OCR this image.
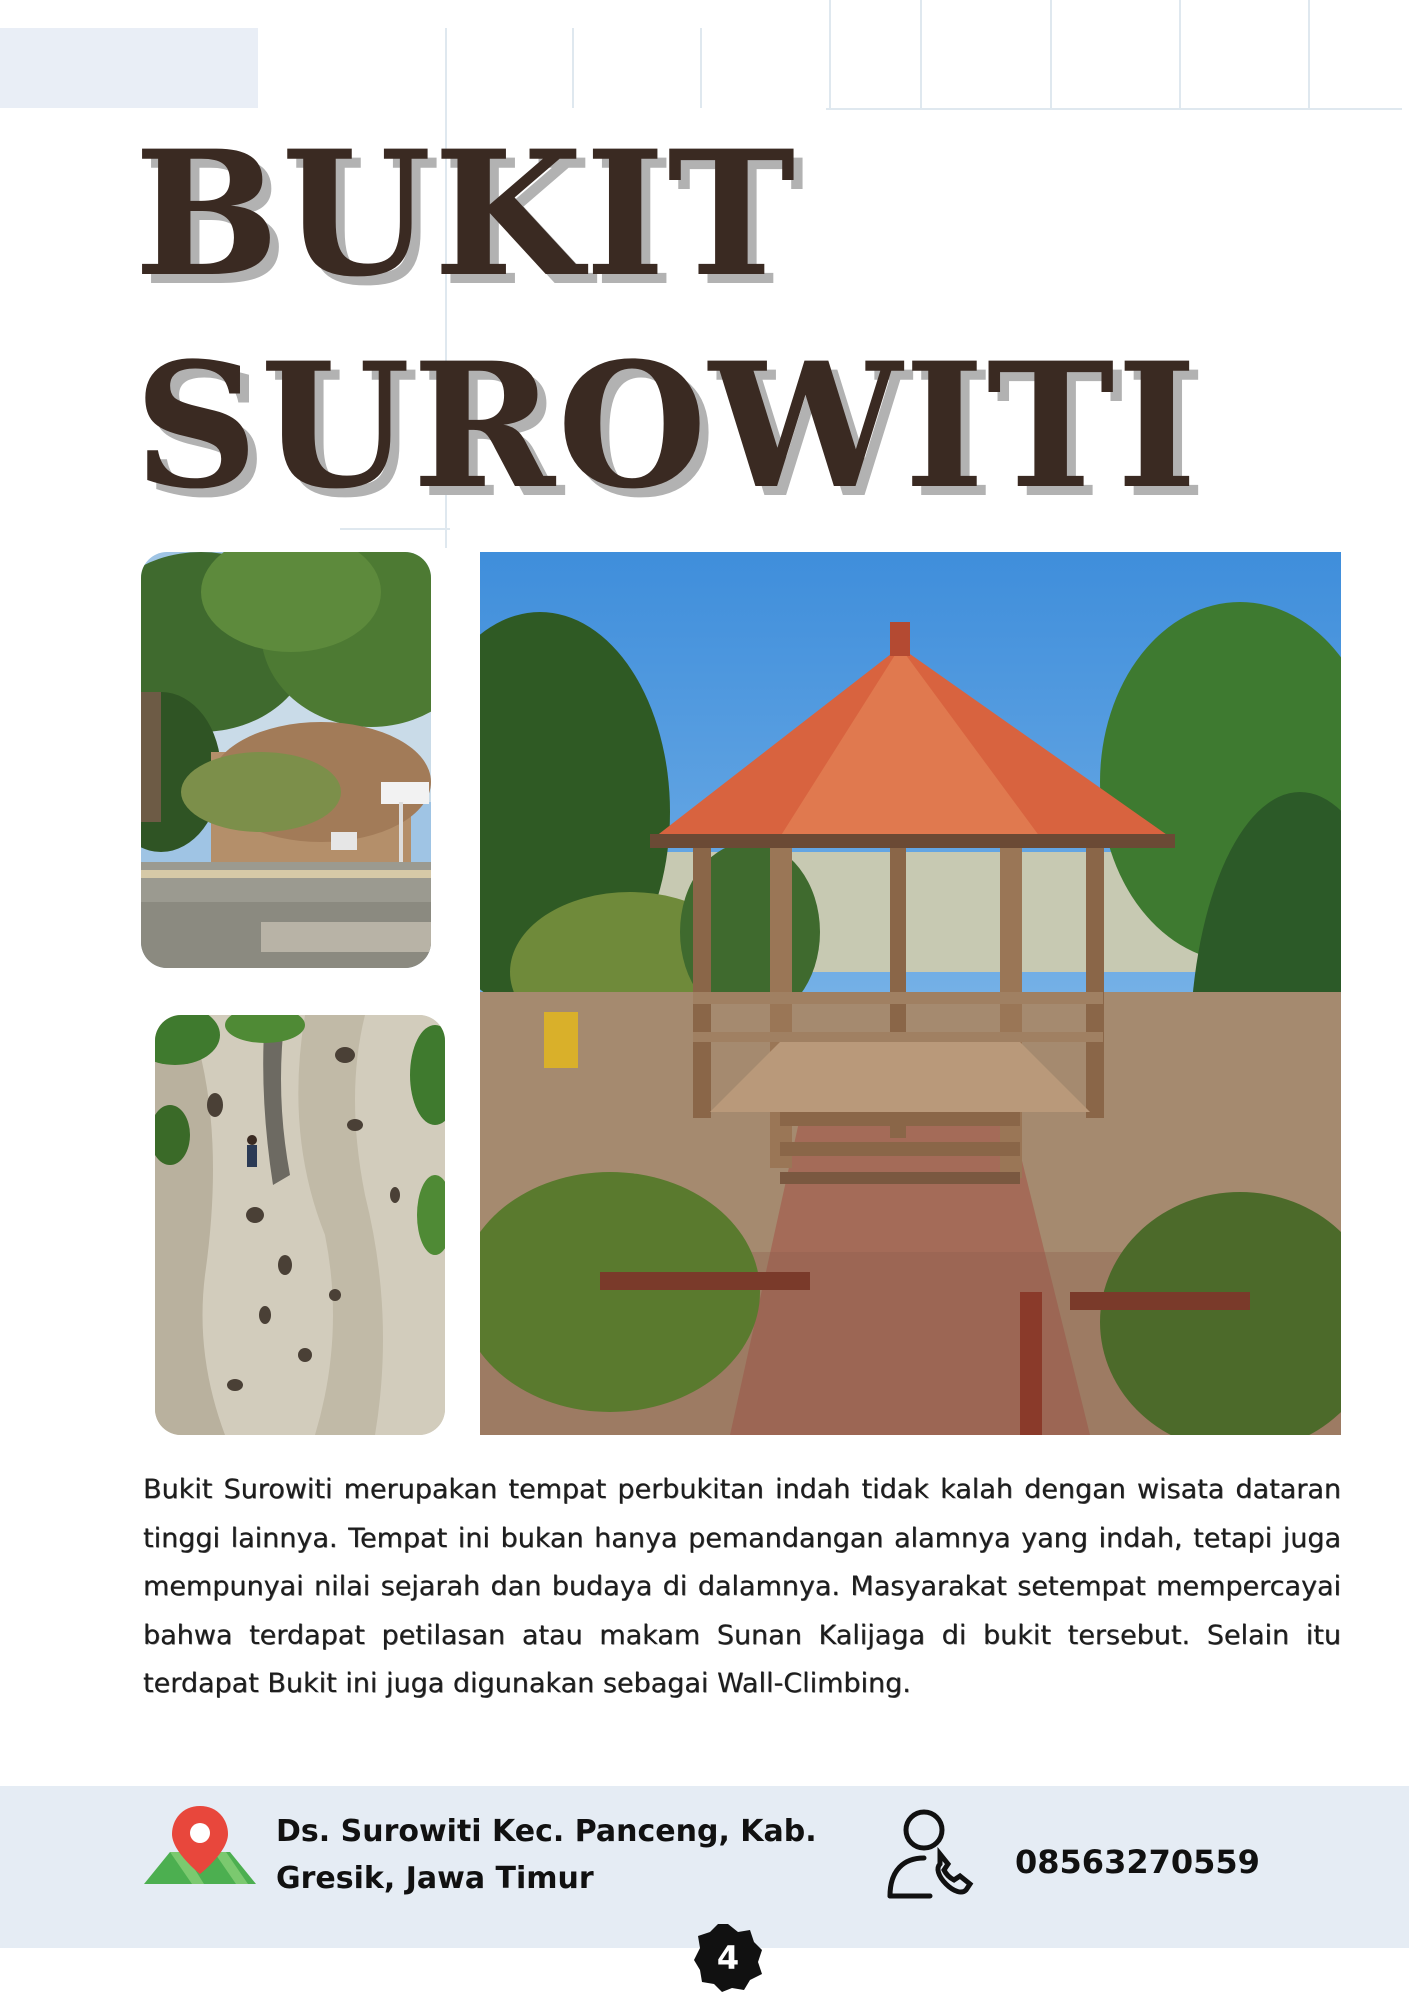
BUKIT
SUROWITI

Bukit Surowiti merupakan tempat perbukitan indah tidak kalah dengan wisata dataran tinggi lainnya. Tempat ini bukan hanya pemandangan alamnya yang indah, tetapi juga mempunyai nilai sejarah dan budaya di dalamnya. Masyarakat setempat mempercayai bahwa terdapat petilasan atau makam Sunan Kalijaga di bukit tersebut. Selain itu terdapat Bukit ini juga digunakan sebagai Wall-Climbing.

Ds. Surowiti Kec. Panceng, Kab.
Gresik, Jawa Timur	08563270559
4
